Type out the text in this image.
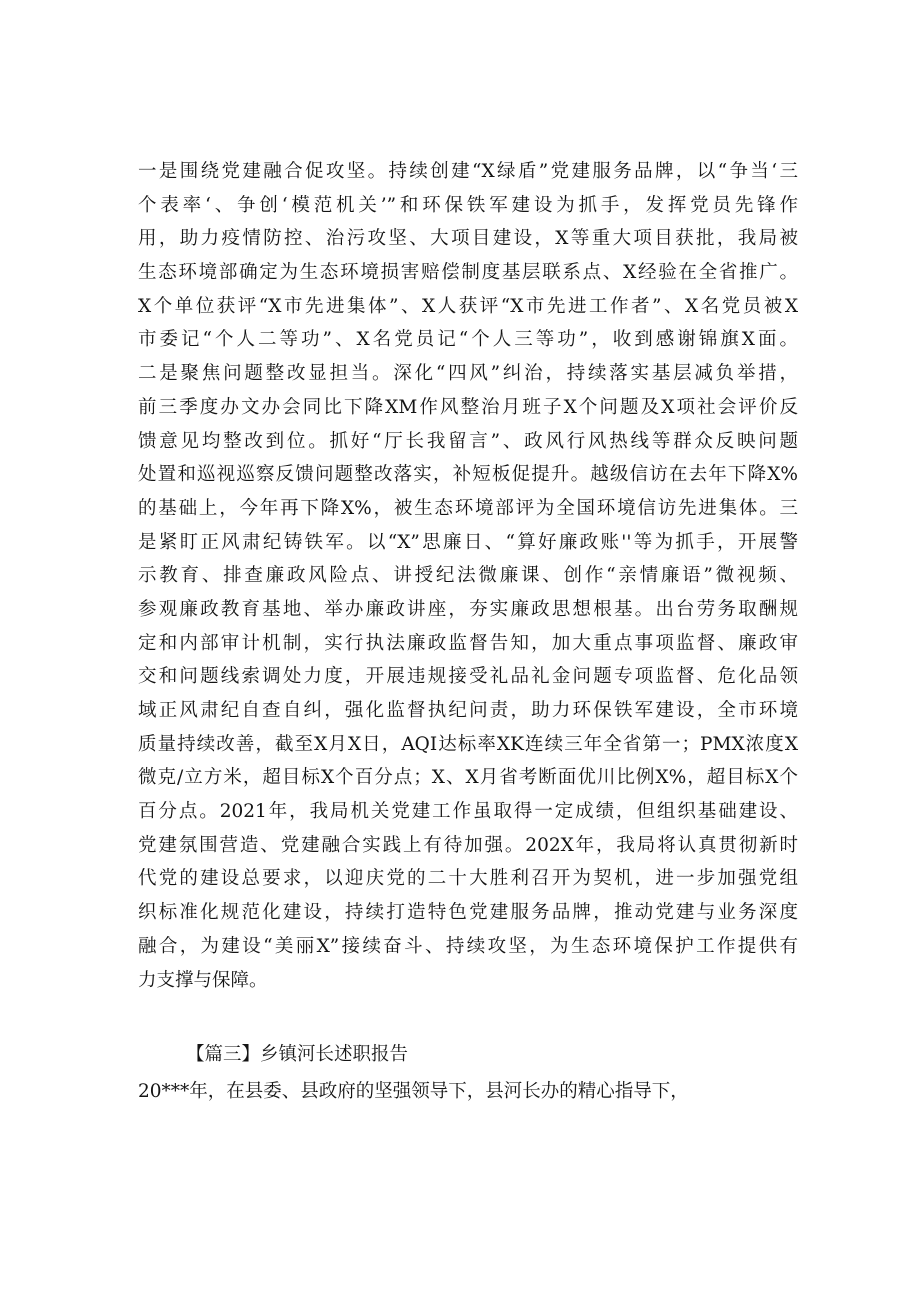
一是围绕党建融合促攻坚。持续创建“X绿盾”党建服务品牌，以“争当‘三
个表率‘、争创‘模范机关’”和环保铁军建设为抓手，发挥党员先锋作
用，助力疫情防控、治污攻坚、大项目建设，X等重大项目获批，我局被
生态环境部确定为生态环境损害赔偿制度基层联系点、X经验在全省推广。
X个单位获评“X市先进集体”、X人获评“X市先进工作者”、X名党员被X
市委记“个人二等功”、X名党员记“个人三等功”，收到感谢锦旗X面。
二是聚焦问题整改显担当。深化“四风”纠治，持续落实基层减负举措，
前三季度办文办会同比下降XM作风整治月班子X个问题及X项社会评价反
馈意见均整改到位。抓好“厅长我留言”、政风行风热线等群众反映问题
处置和巡视巡察反馈问题整改落实，补短板促提升。越级信访在去年下降X%
的基础上，今年再下降X%，被生态环境部评为全国环境信访先进集体。三
是紧盯正风肃纪铸铁军。以“X”思廉日、“算好廉政账''等为抓手，开展警
示教育、排查廉政风险点、讲授纪法微廉课、创作“亲情廉语”微视频、
参观廉政教育基地、举办廉政讲座，夯实廉政思想根基。出台劳务取酬规
定和内部审计机制，实行执法廉政监督告知，加大重点事项监督、廉政审
交和问题线索调处力度，开展违规接受礼品礼金问题专项监督、危化品领
域正风肃纪自查自纠，强化监督执纪问责，助力环保铁军建设，全市环境
质量持续改善，截至X月X日，AQI达标率XK连续三年全省第一；PMX浓度X
微克/立方米，超目标X个百分点；X、X月省考断面优川比例X%，超目标X个
百分点。2021年，我局机关党建工作虽取得一定成绩，但组织基础建设、
党建氛围营造、党建融合实践上有待加强。202X年，我局将认真贯彻新时
代党的建设总要求，以迎庆党的二十大胜利召开为契机，进一步加强党组
织标准化规范化建设，持续打造特色党建服务品牌，推动党建与业务深度
融合，为建设“美丽X”接续奋斗、持续攻坚，为生态环境保护工作提供有
力支撑与保障。
【篇三】乡镇河长述职报告
20***年，在县委、县政府的坚强领导下，县河长办的精心指导下，
